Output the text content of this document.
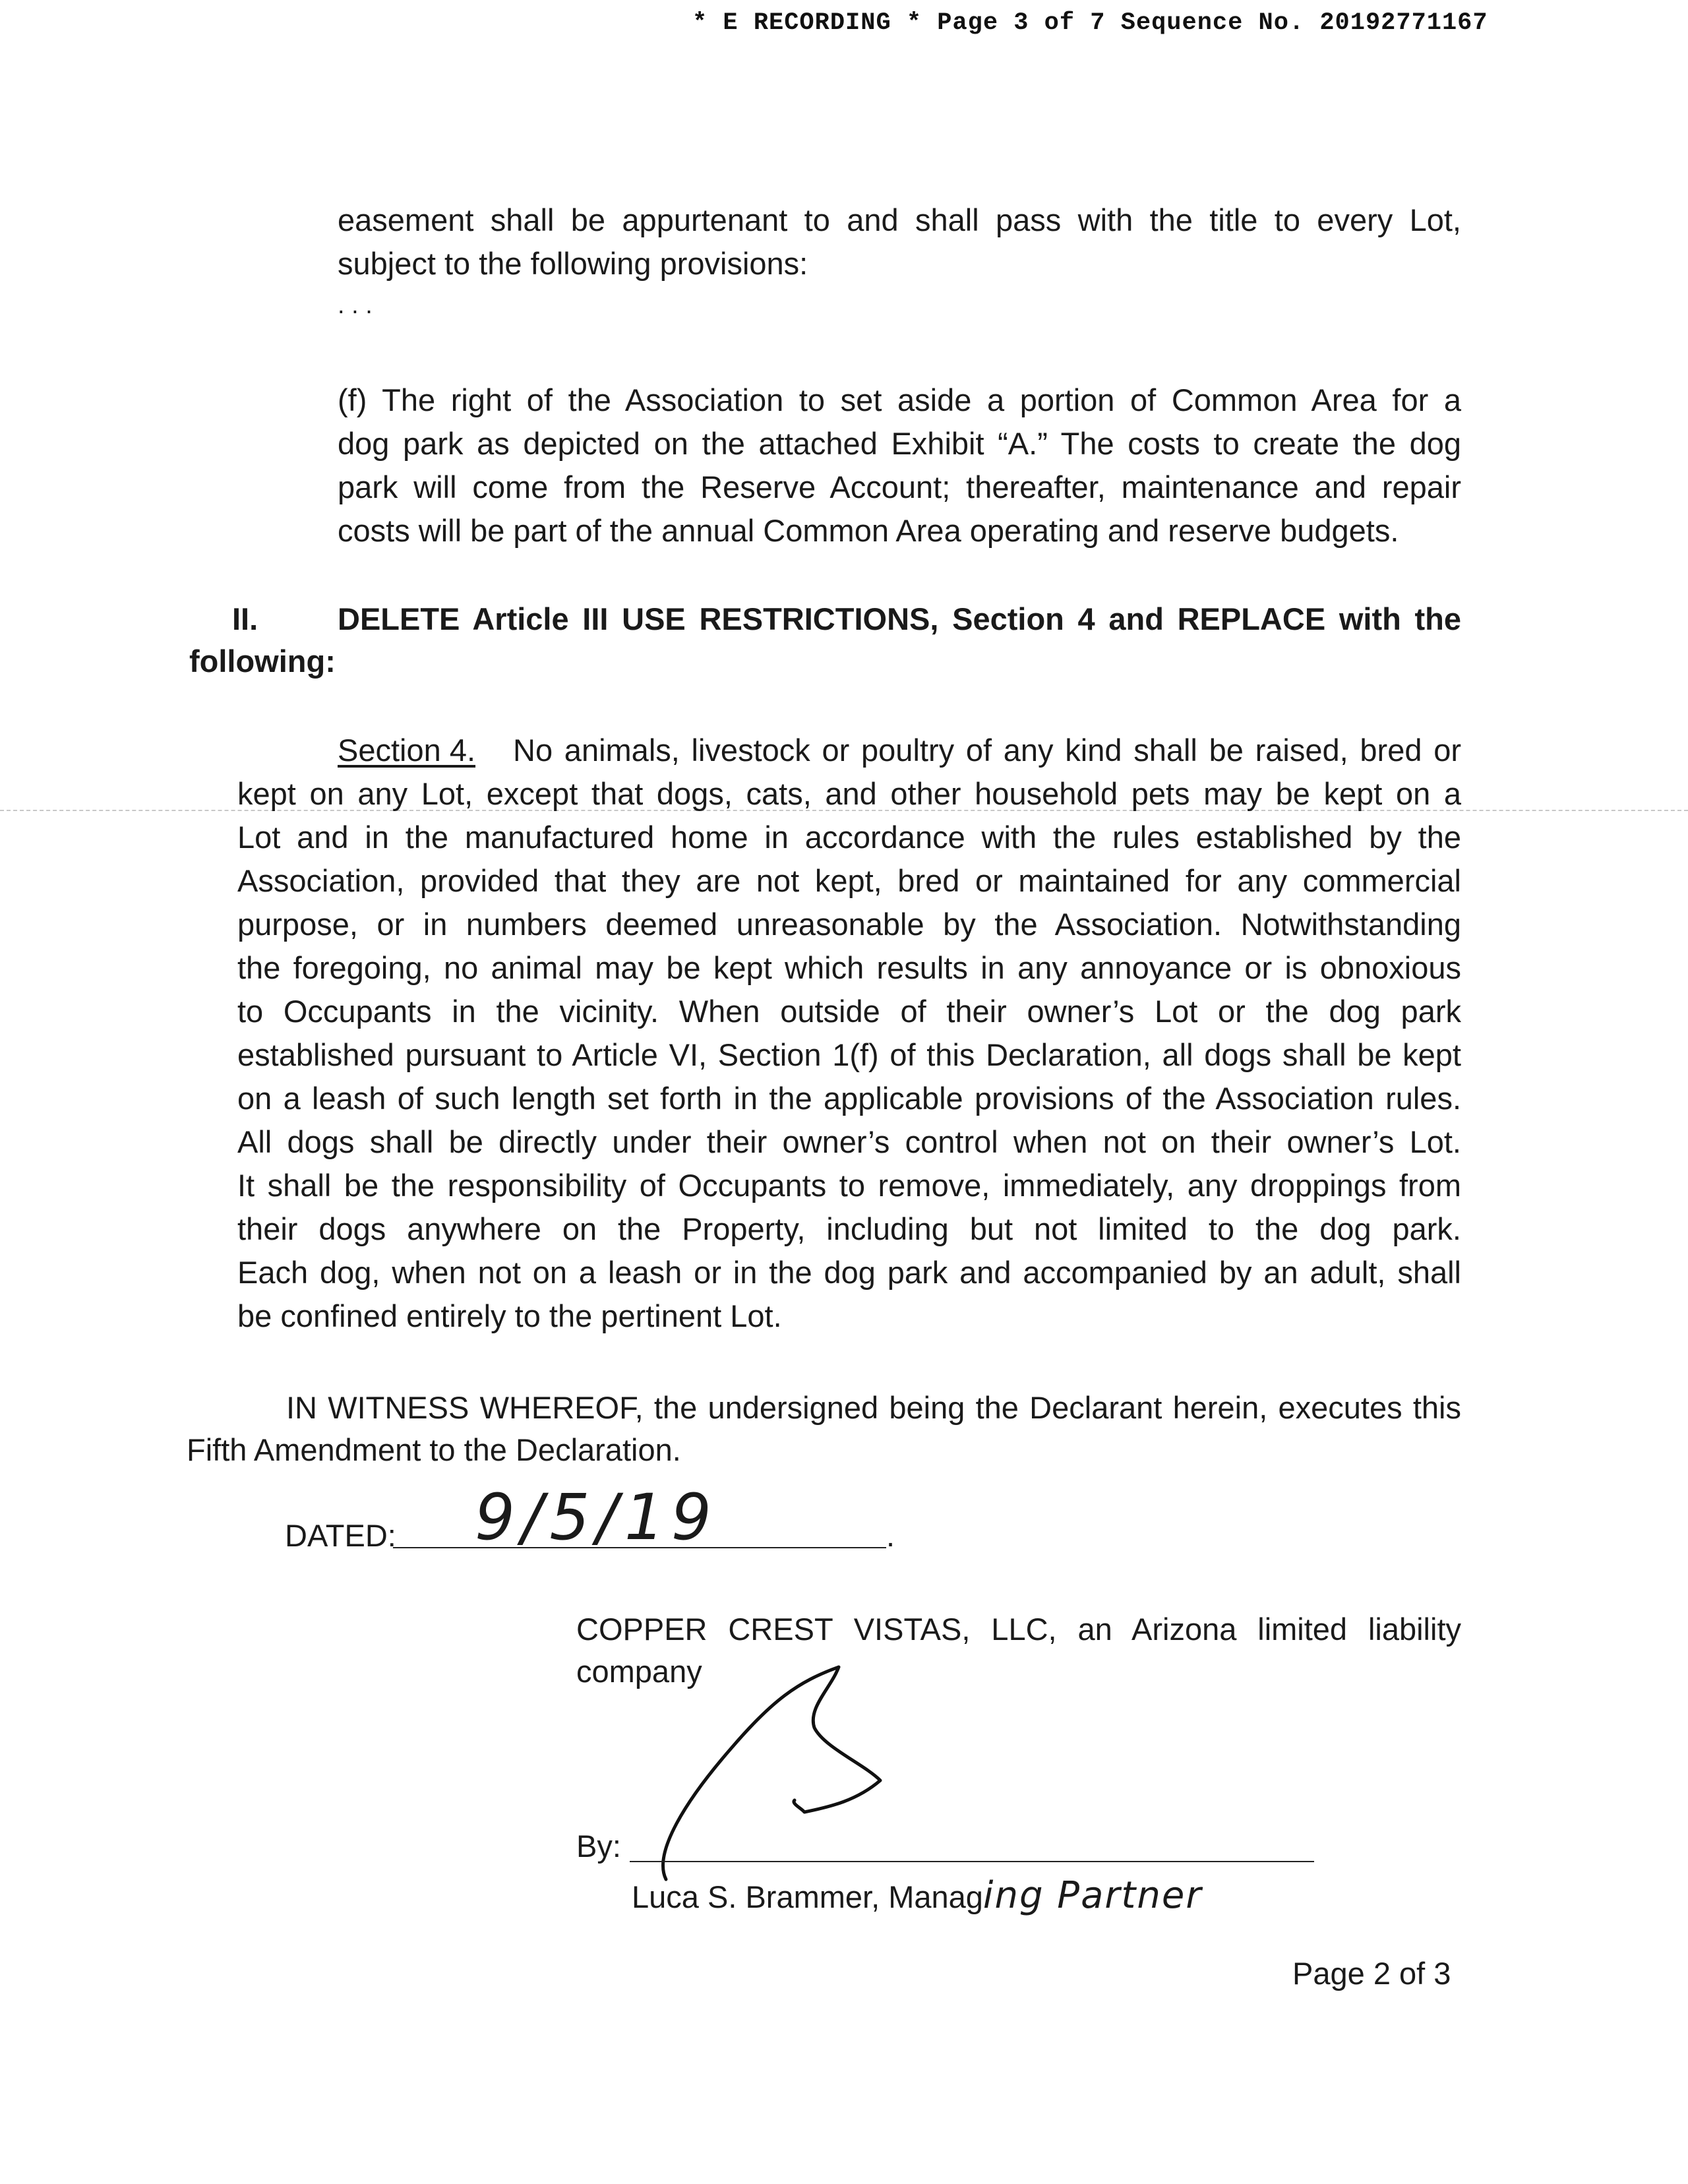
* E RECORDING * Page 3 of 7 Sequence No. 20192771167
easement shall be appurtenant to and shall pass with the title to every Lot,
subject to the following provisions:
. . .
(f) The right of the Association to set aside a portion of Common Area for a
dog park as depicted on the attached Exhibit “A.” The costs to create the dog
park will come from the Reserve Account; thereafter, maintenance and repair
costs will be part of the annual Common Area operating and reserve budgets.
II.	DELETE Article III USE RESTRICTIONS, Section 4 and REPLACE with the
following:
Section 4. No animals, livestock or poultry of any kind shall be raised, bred or
kept on any Lot, except that dogs, cats, and other household pets may be kept on a
Lot and in the manufactured home in accordance with the rules established by the
Association, provided that they are not kept, bred or maintained for any commercial
purpose, or in numbers deemed unreasonable by the Association. Notwithstanding
the foregoing, no animal may be kept which results in any annoyance or is obnoxious
to Occupants in the vicinity. When outside of their owner’s Lot or the dog park
established pursuant to Article VI, Section 1(f) of this Declaration, all dogs shall be kept
on a leash of such length set forth in the applicable provisions of the Association rules.
All dogs shall be directly under their owner’s control when not on their owner’s Lot.
It shall be the responsibility of Occupants to remove, immediately, any droppings from
their dogs anywhere on the Property, including but not limited to the dog park.
Each dog, when not on a leash or in the dog park and accompanied by an adult, shall
be confined entirely to the pertinent Lot.
IN WITNESS WHEREOF, the undersigned being the Declarant herein, executes this
Fifth Amendment to the Declaration.
DATED: 9/5/19	.
COPPER CREST VISTAS, LLC, an Arizona limited liability
company
By:
Luca S. Brammer, Managing Partner
Page 2 of 3
